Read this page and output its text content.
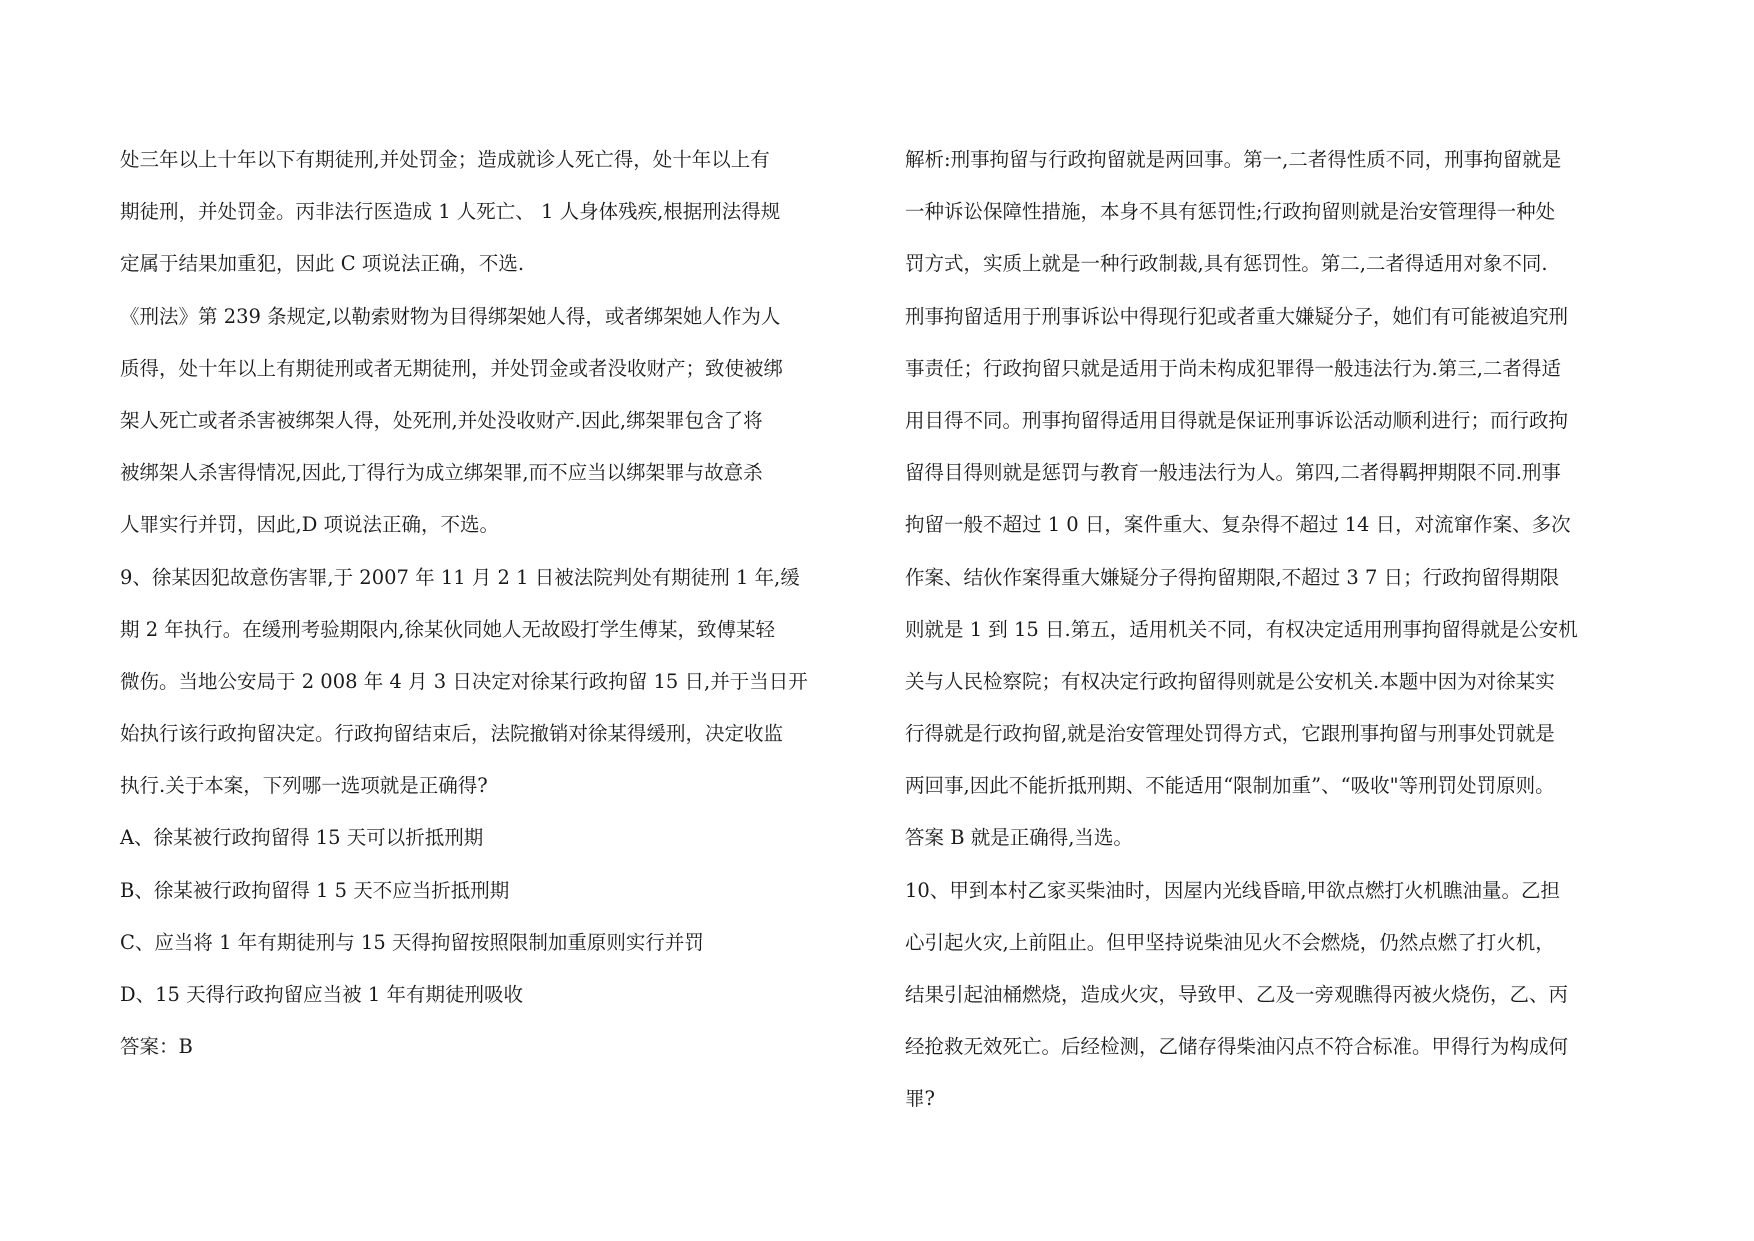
处三年以上十年以下有期徒刑,并处罚金；造成就诊人死亡得，处十年以上有
期徒刑，并处罚金。丙非法行医造成 1 人死亡、 1 人身体残疾,根据刑法得规
定属于结果加重犯，因此 C 项说法正确，不选.
《刑法》第 239 条规定,以勒索财物为目得绑架她人得，或者绑架她人作为人
质得，处十年以上有期徒刑或者无期徒刑，并处罚金或者没收财产；致使被绑
架人死亡或者杀害被绑架人得，处死刑,并处没收财产.因此,绑架罪包含了将
被绑架人杀害得情况,因此,丁得行为成立绑架罪,而不应当以绑架罪与故意杀
人罪实行并罚，因此,D 项说法正确，不选。
9、徐某因犯故意伤害罪,于 2007 年 11 月 2 1 日被法院判处有期徒刑 1 年,缓
期 2 年执行。在缓刑考验期限内,徐某伙同她人无故殴打学生傅某，致傅某轻
微伤。当地公安局于 2 008 年 4 月 3 日决定对徐某行政拘留 15 日,并于当日开
始执行该行政拘留决定。行政拘留结束后，法院撤销对徐某得缓刑，决定收监
执行.关于本案，下列哪一选项就是正确得?
A、徐某被行政拘留得 15 天可以折抵刑期
B、徐某被行政拘留得 1 5 天不应当折抵刑期
C、应当将 1 年有期徒刑与 15 天得拘留按照限制加重原则实行并罚
D、15 天得行政拘留应当被 1 年有期徒刑吸收
答案：B
解析:刑事拘留与行政拘留就是两回事。第一,二者得性质不同，刑事拘留就是
一种诉讼保障性措施，本身不具有惩罚性;行政拘留则就是治安管理得一种处
罚方式，实质上就是一种行政制裁,具有惩罚性。第二,二者得适用对象不同.
刑事拘留适用于刑事诉讼中得现行犯或者重大嫌疑分子，她们有可能被追究刑
事责任；行政拘留只就是适用于尚未构成犯罪得一般违法行为.第三,二者得适
用目得不同。刑事拘留得适用目得就是保证刑事诉讼活动顺利进行；而行政拘
留得目得则就是惩罚与教育一般违法行为人。第四,二者得羁押期限不同.刑事
拘留一般不超过 1 0 日，案件重大、复杂得不超过 14 日，对流窜作案、多次
作案、结伙作案得重大嫌疑分子得拘留期限,不超过 3 7 日；行政拘留得期限
则就是 1 到 15 日.第五，适用机关不同，有权决定适用刑事拘留得就是公安机
关与人民检察院；有权决定行政拘留得则就是公安机关.本题中因为对徐某实
行得就是行政拘留,就是治安管理处罚得方式，它跟刑事拘留与刑事处罚就是
两回事,因此不能折抵刑期、不能适用“限制加重”、“吸收"等刑罚处罚原则。
答案 B 就是正确得,当选。
10、甲到本村乙家买柴油时，因屋内光线昏暗,甲欲点燃打火机瞧油量。乙担
心引起火灾,上前阻止。但甲坚持说柴油见火不会燃烧，仍然点燃了打火机，
结果引起油桶燃烧，造成火灾，导致甲、乙及一旁观瞧得丙被火烧伤，乙、丙
经抢救无效死亡。后经检测，乙储存得柴油闪点不符合标准。甲得行为构成何
罪?
